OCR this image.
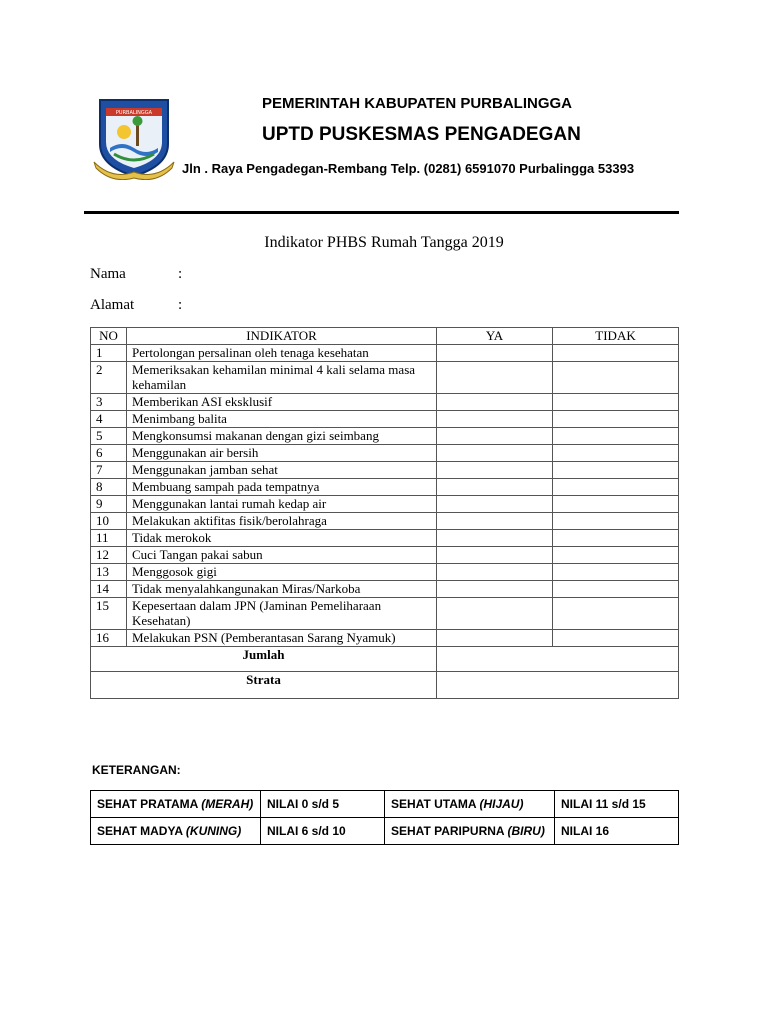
PURBALINGGA
PEMERINTAH KABUPATEN PURBALINGGA
UPTD PUSKESMAS PENGADEGAN
Jln . Raya Pengadegan-Rembang Telp. (0281) 6591070 Purbalingga 53393
Indikator PHBS Rumah Tangga 2019
Nama	:
Alamat	:
NO	INDIKATOR	YA	TIDAK
1	Pertolongan persalinan oleh tenaga kesehatan		
2	Memeriksakan kehamilan minimal 4 kali selama masa kehamilan		
3	Memberikan ASI eksklusif		
4	Menimbang balita		
5	Mengkonsumsi makanan dengan gizi seimbang		
6	Menggunakan air bersih		
7	Menggunakan jamban sehat		
8	Membuang sampah pada tempatnya		
9	Menggunakan lantai rumah kedap air		
10	Melakukan aktifitas fisik/berolahraga		
11	Tidak merokok		
12	Cuci Tangan pakai sabun		
13	Menggosok gigi		
14	Tidak menyalahkangunakan Miras/Narkoba		
15	Kepesertaan dalam JPN (Jaminan Pemeliharaan Kesehatan)		
16	Melakukan PSN (Pemberantasan Sarang Nyamuk)		
Jumlah			
Strata			
KETERANGAN:
SEHAT PRATAMA (MERAH)	NILAI 0 s/d 5	SEHAT UTAMA (HIJAU)	NILAI 11 s/d 15
SEHAT MADYA (KUNING)	NILAI 6 s/d 10	SEHAT PARIPURNA (BIRU)	NILAI 16
